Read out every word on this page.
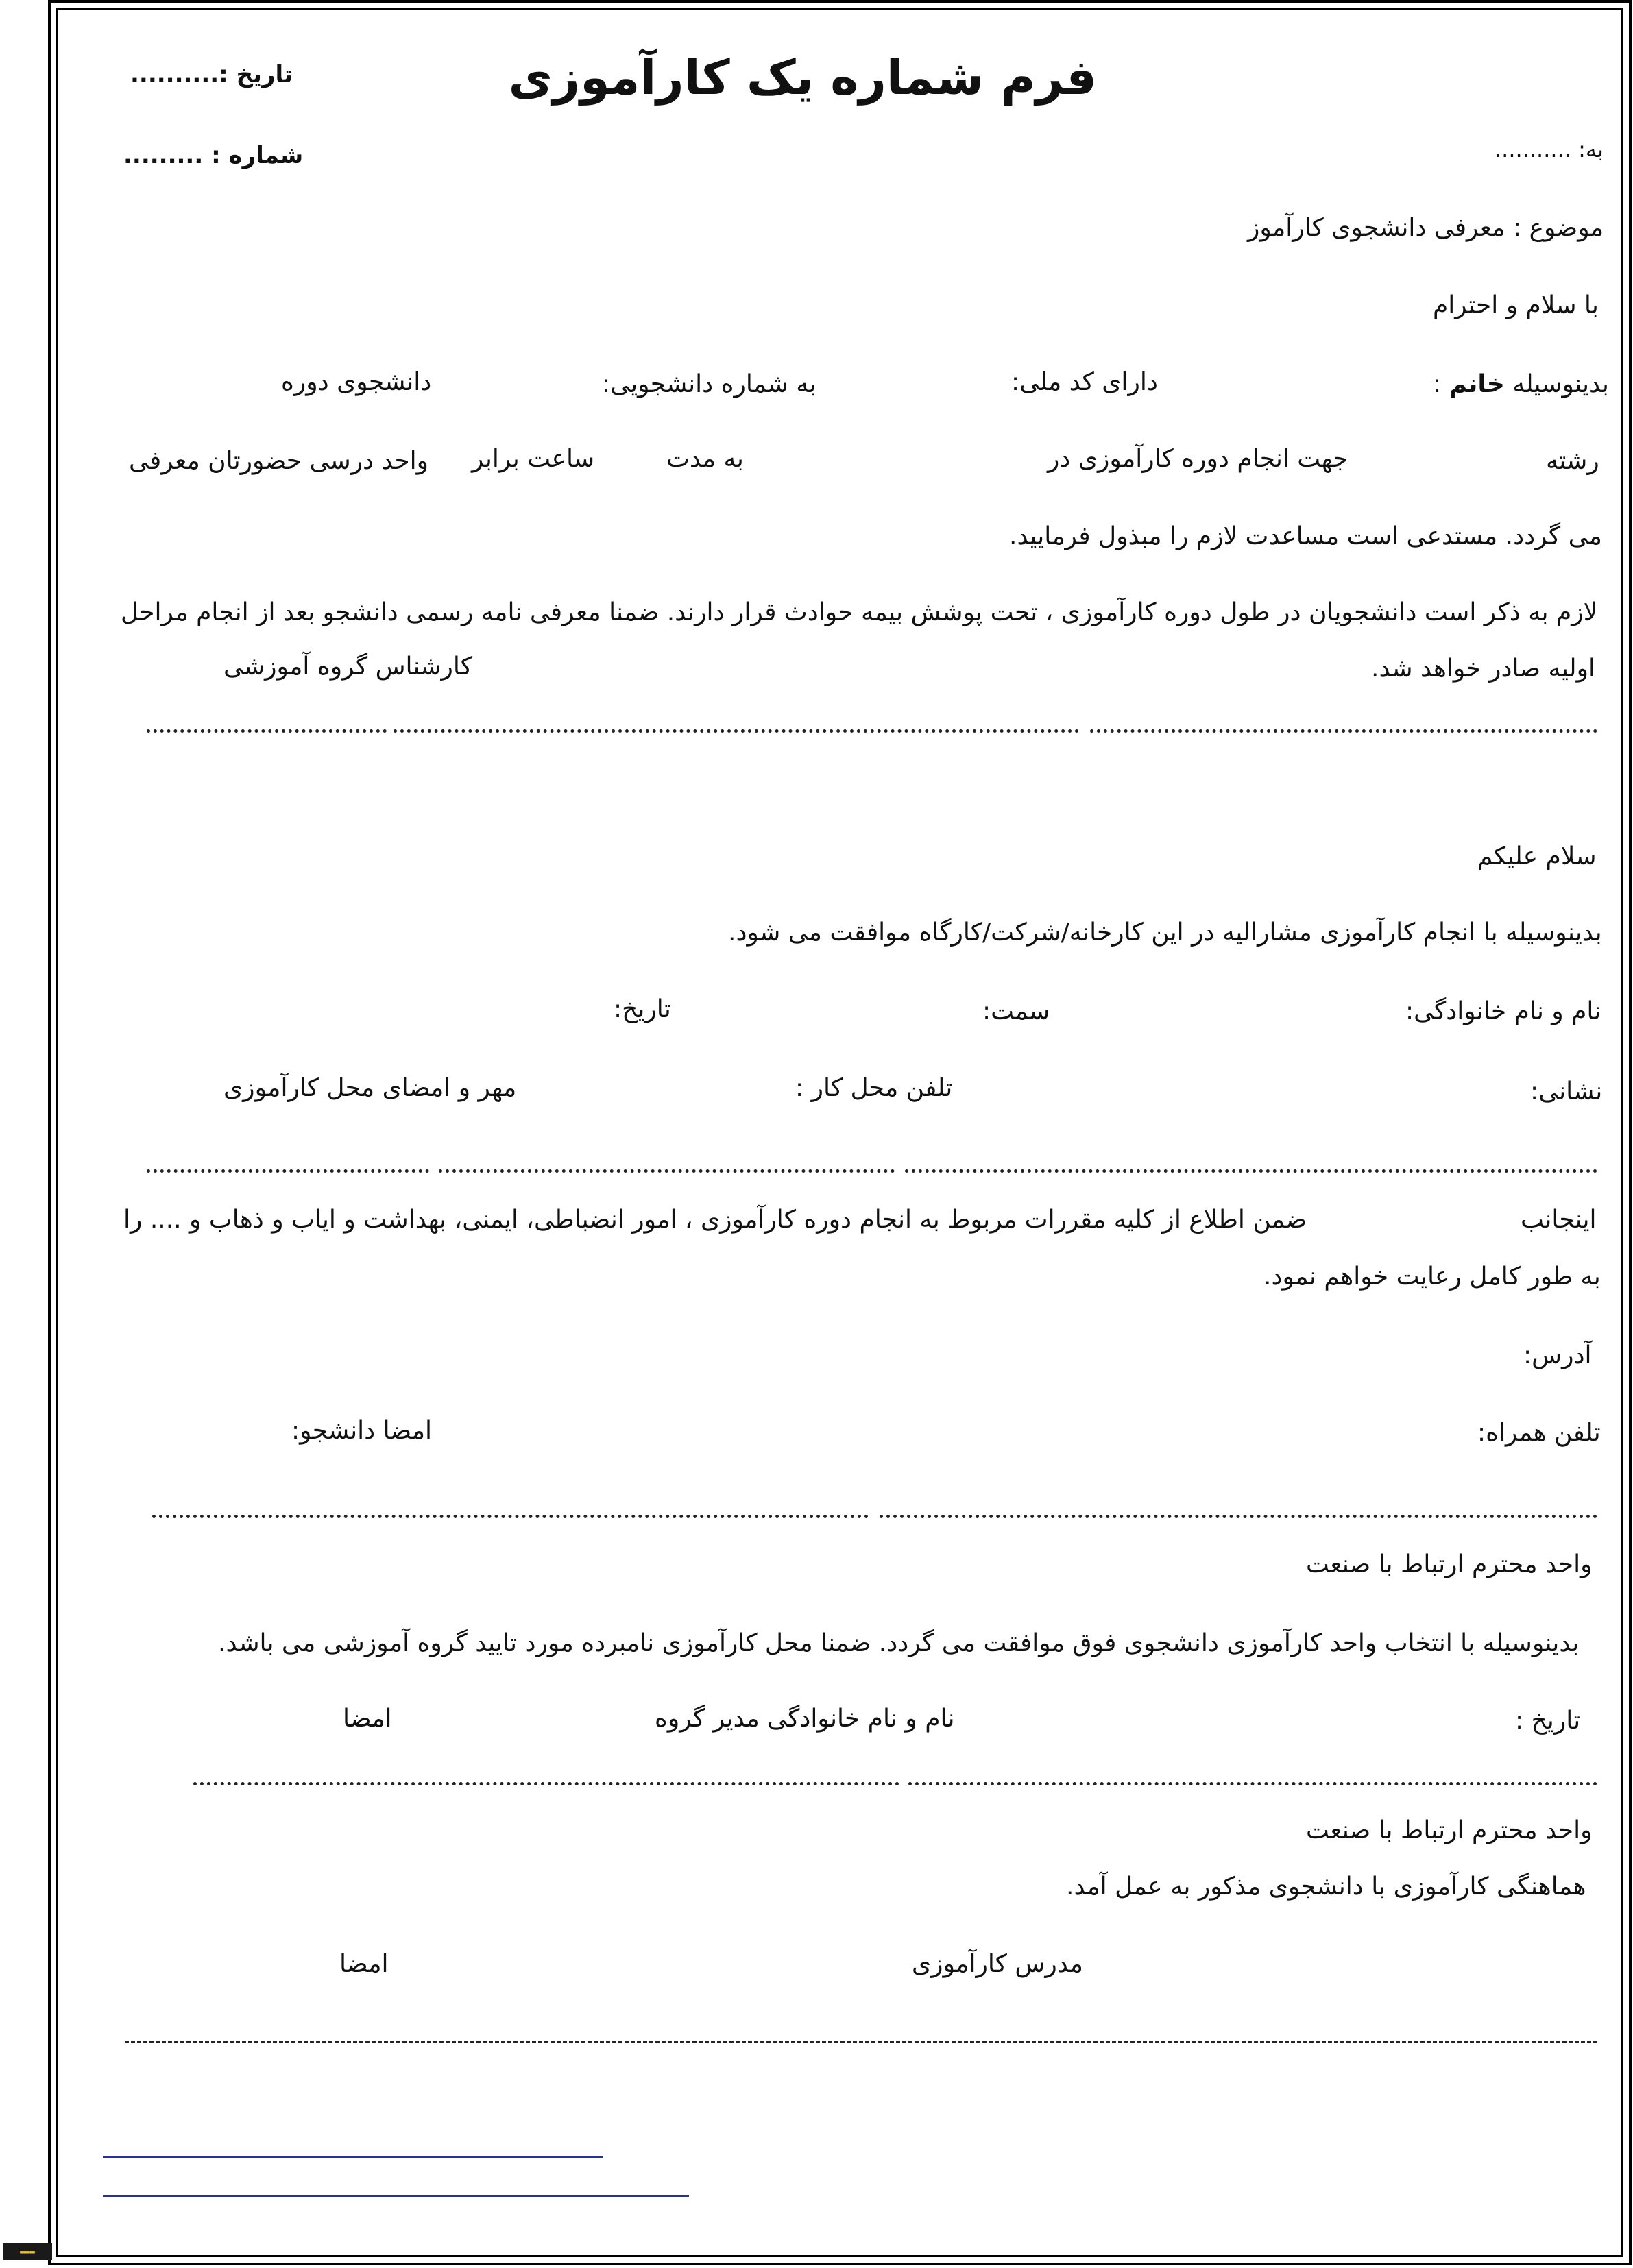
فرم شماره یک کارآموزی
تاریخ :..........
شماره : .........	به: ...........
موضوع : معرفی دانشجوی کارآموز
با سلام و احترام
بدینوسیله خانم :
دارای کد ملی:
به شماره دانشجویی:
دانشجوی دوره
رشته
جهت انجام دوره کارآموزی در
به مدت
ساعت برابر
واحد درسی حضورتان معرفی
می گردد. مستدعی است مساعدت لازم را مبذول فرمایید.
لازم به ذکر است دانشجویان در طول دوره کارآموزی ، تحت پوشش بیمه حوادث قرار دارند. ضمنا معرفی نامه رسمی دانشجو بعد از انجام مراحل
اولیه صادر خواهد شد.
کارشناس گروه آموزشی
سلام علیکم
بدینوسیله با انجام کارآموزی مشارالیه در این کارخانه/شرکت/کارگاه موافقت می شود.
نام و نام خانوادگی:
سمت:
تاریخ:
نشانی:
تلفن محل کار :
مهر و امضای محل کارآموزی
اینجانب
ضمن اطلاع از کلیه مقررات مربوط به انجام دوره کارآموزی ، امور انضباطی، ایمنی، بهداشت و ایاب و ذهاب و .... را
به طور کامل رعایت خواهم نمود.
آدرس:
تلفن همراه:
امضا دانشجو:
واحد محترم ارتباط با صنعت
بدینوسیله با انتخاب واحد کارآموزی دانشجوی فوق موافقت می گردد. ضمنا محل کارآموزی نامبرده مورد تایید گروه آموزشی می باشد.
تاریخ :
نام و نام خانوادگی مدیر گروه
امضا
واحد محترم ارتباط با صنعت
هماهنگی کارآموزی با دانشجوی مذکور به عمل آمد.
مدرس کارآموزی
امضا
▬▬▬
